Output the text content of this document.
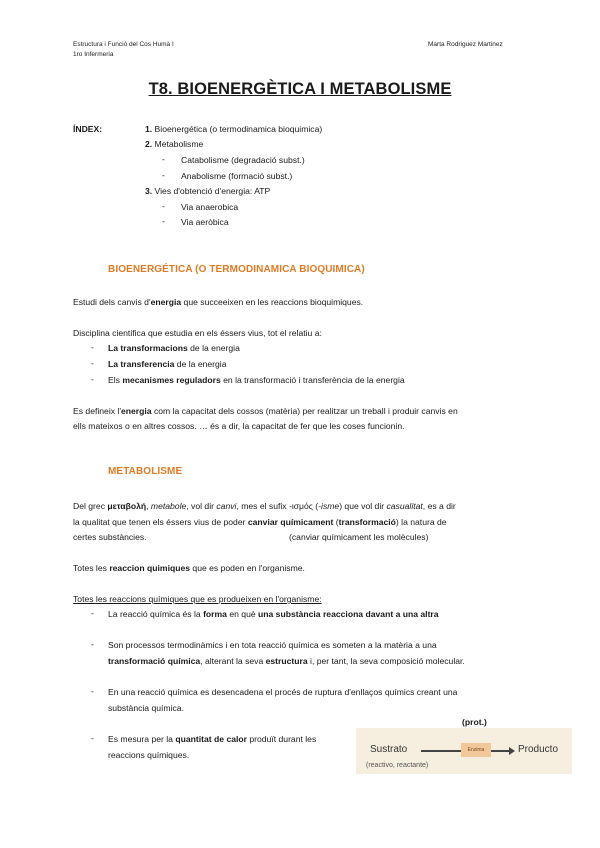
Estructura i Funció del Cos Humà I
1ro Infermeria
Marta Rodriguez Martinez
T8. BIOENERGÈTICA I METABOLISME
ÍNDEX:	1. Bioenergética (o termodinamica bioquimica)
2. Metabolisme
- Catabolisme (degradació subst.)
- Anabolisme (formació subst.)
3. Vies d'obtenció d'energia: ATP
- Via anaerobica
- Via aeròbica
BIOENERGÉTICA (O TERMODINAMICA BIOQUIMICA)
Estudi dels canvis d'energia que succeeixen en les reaccions bioquimiques.
Disciplina cientifica que estudia en els éssers vius, tot el relatiu a:
- La transformacions de la energia
- La transferencia de la energia
- Els mecanismes reguladors en la transformació i transferència de la energia
Es defineix l'energia com la capacitat dels cossos (matèria) per realitzar un treball i produir canvis en
ells mateixos o en altres cossos. … és a dir, la capacitat de fer que les coses funcionin.
METABOLISME
Del grec μεταβολή, metabole, vol dir canvi, mes el sufix -ισμός (-isme) que vol dir casualitat, es a dir
la qualitat que tenen els éssers vius de poder canviar químicament (transformació) la natura de
certes substàncies.	(canviar químicament les molècules)
Totes les reaccion quimiques que es poden en l'organisme.
Totes les reaccions químiques que es produeixen en l'organisme:
- La reacció química és la forma en què una substància reacciona davant a una altra
- Son processos termodinàmics i en tota reacció química es someten a la matèria a una
transformació química, alterant la seva estructura i, per tant, la seva composició molecular.
- En una reacció química es desencadena el procés de ruptura d'enllaços químics creant una
substància química.
(prot.)
- Es mesura per la quantitat de calor produït durant les
reaccions químiques.	Sustrato	Enzima	Producto
(reactivo, reactante)
